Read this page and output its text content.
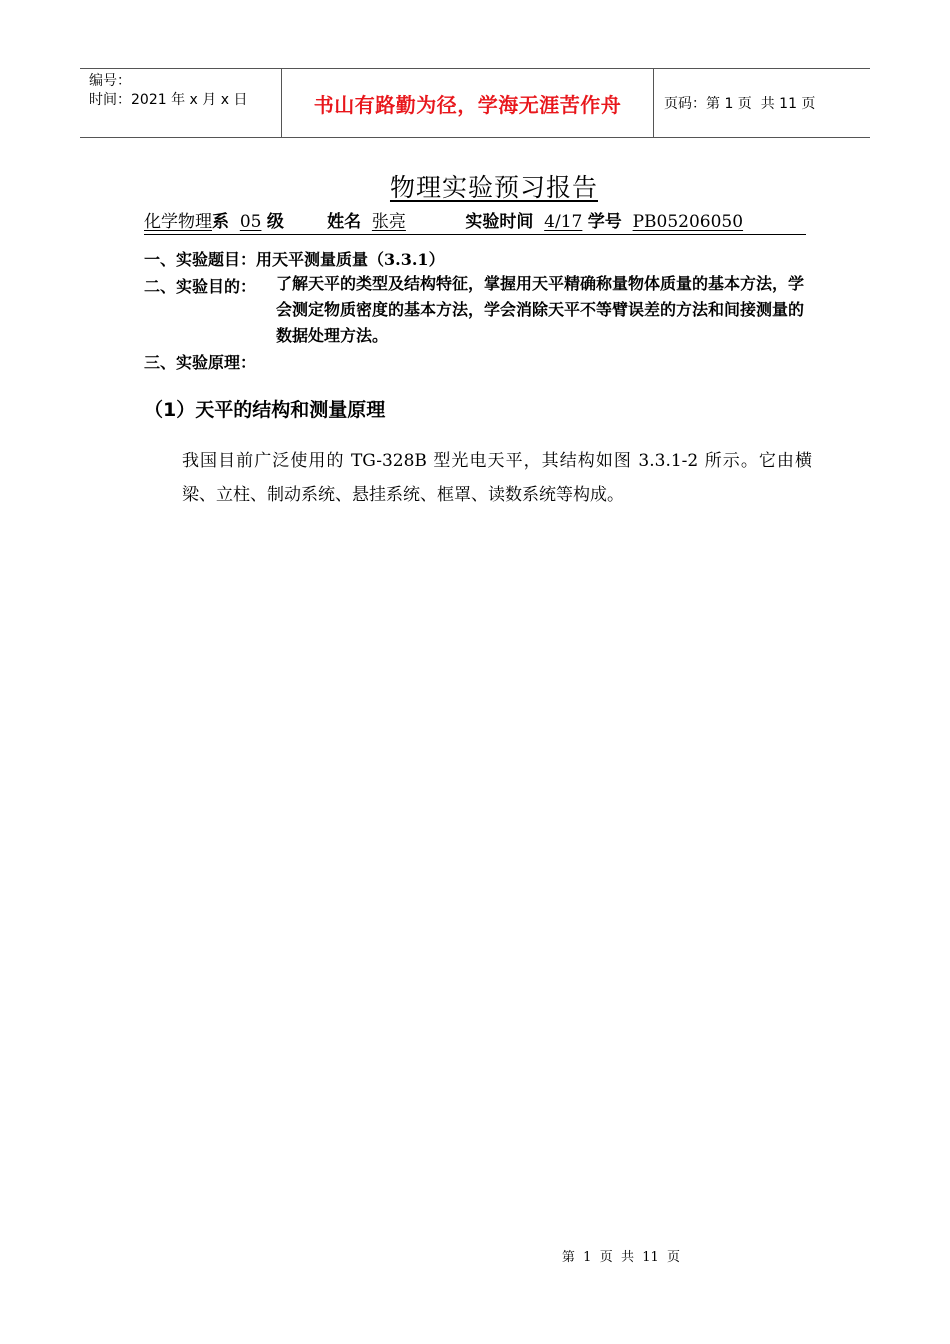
编号：
时间：2021 年 x 月 x 日	书山有路勤为径，学海无涯苦作舟	页码：第 1 页  共 11 页
物理实验预习报告
化学物理系 05 级	姓名 张亮	实验时间 4/17 学号 PB05206050
一、实验题目：用天平测量质量（3.3.1）
二、实验目的： 了解天平的类型及结构特征，掌握用天平精确称量物体质量的基本方法，学会测定物质密度的基本方法，学会消除天平不等臂误差的方法和间接测量的数据处理方法。
三、实验原理：
（1）天平的结构和测量原理
我国目前广泛使用的 TG-328B 型光电天平，其结构如图 3.3.1-2 所示。它由横梁、立柱、制动系统、悬挂系统、框罩、读数系统等构成。
第  1  页  共  11  页
